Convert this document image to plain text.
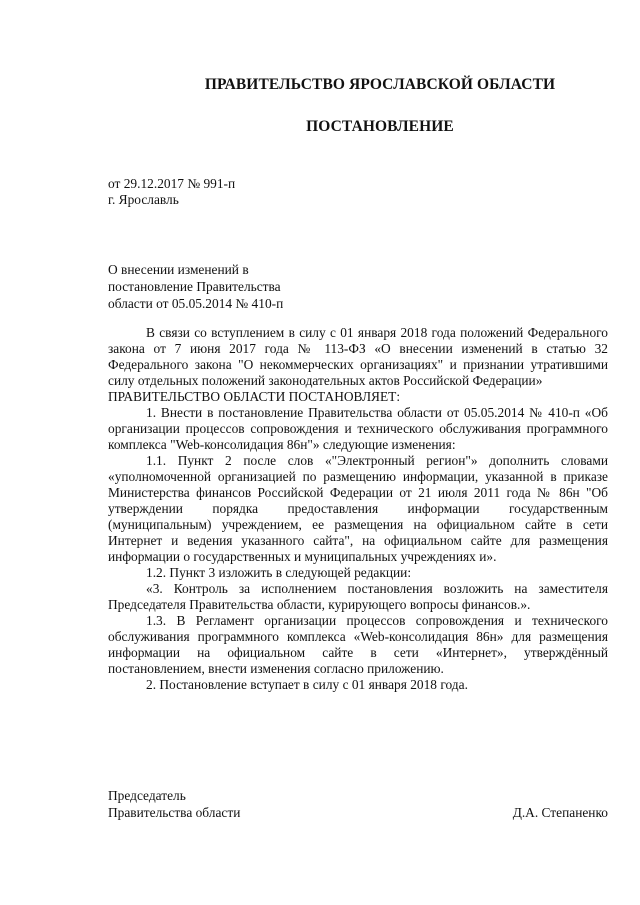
ПРАВИТЕЛЬСТВО ЯРОСЛАВСКОЙ ОБЛАСТИ
ПОСТАНОВЛЕНИЕ
от 29.12.2017 № 991-п
г. Ярославль
О внесении изменений в
постановление Правительства
области от 05.05.2014 № 410-п

В связи со вступлением в силу с 01 января 2018 года положений Федерального закона от 7 июня 2017 года № 113-ФЗ «О внесении изменений в статью 32 Федерального закона "О некоммерческих организациях" и признании утратившими силу отдельных положений законодательных актов Российской Федерации»

ПРАВИТЕЛЬСТВО ОБЛАСТИ ПОСТАНОВЛЯЕТ:

1. Внести в постановление Правительства области от 05.05.2014 № 410-п «Об организации процессов сопровождения и технического обслуживания программного комплекса "Web-консолидация 86н"» следующие изменения:

1.1. Пункт 2 после слов «"Электронный регион"» дополнить словами «уполномоченной организацией по размещению информации, указанной в приказе Министерства финансов Российской Федерации от 21 июля 2011 года № 86н "Об утверждении порядка предоставления информации государственным (муниципальным) учреждением, ее размещения на официальном сайте в сети Интернет и ведения указанного сайта", на официальном сайте для размещения информации о государственных и муниципальных учреждениях и».

1.2. Пункт 3 изложить в следующей редакции:

«3. Контроль за исполнением постановления возложить на заместителя Председателя Правительства области, курирующего вопросы финансов.».

1.3. В Регламент организации процессов сопровождения и технического обслуживания программного комплекса «Web-консолидация 86н» для размещения информации на официальном сайте в сети «Интернет», утверждённый постановлением, внести изменения согласно приложению.

2. Постановление вступает в силу с 01 января 2018 года.

Председатель
Правительства области	Д.А. Степаненко
